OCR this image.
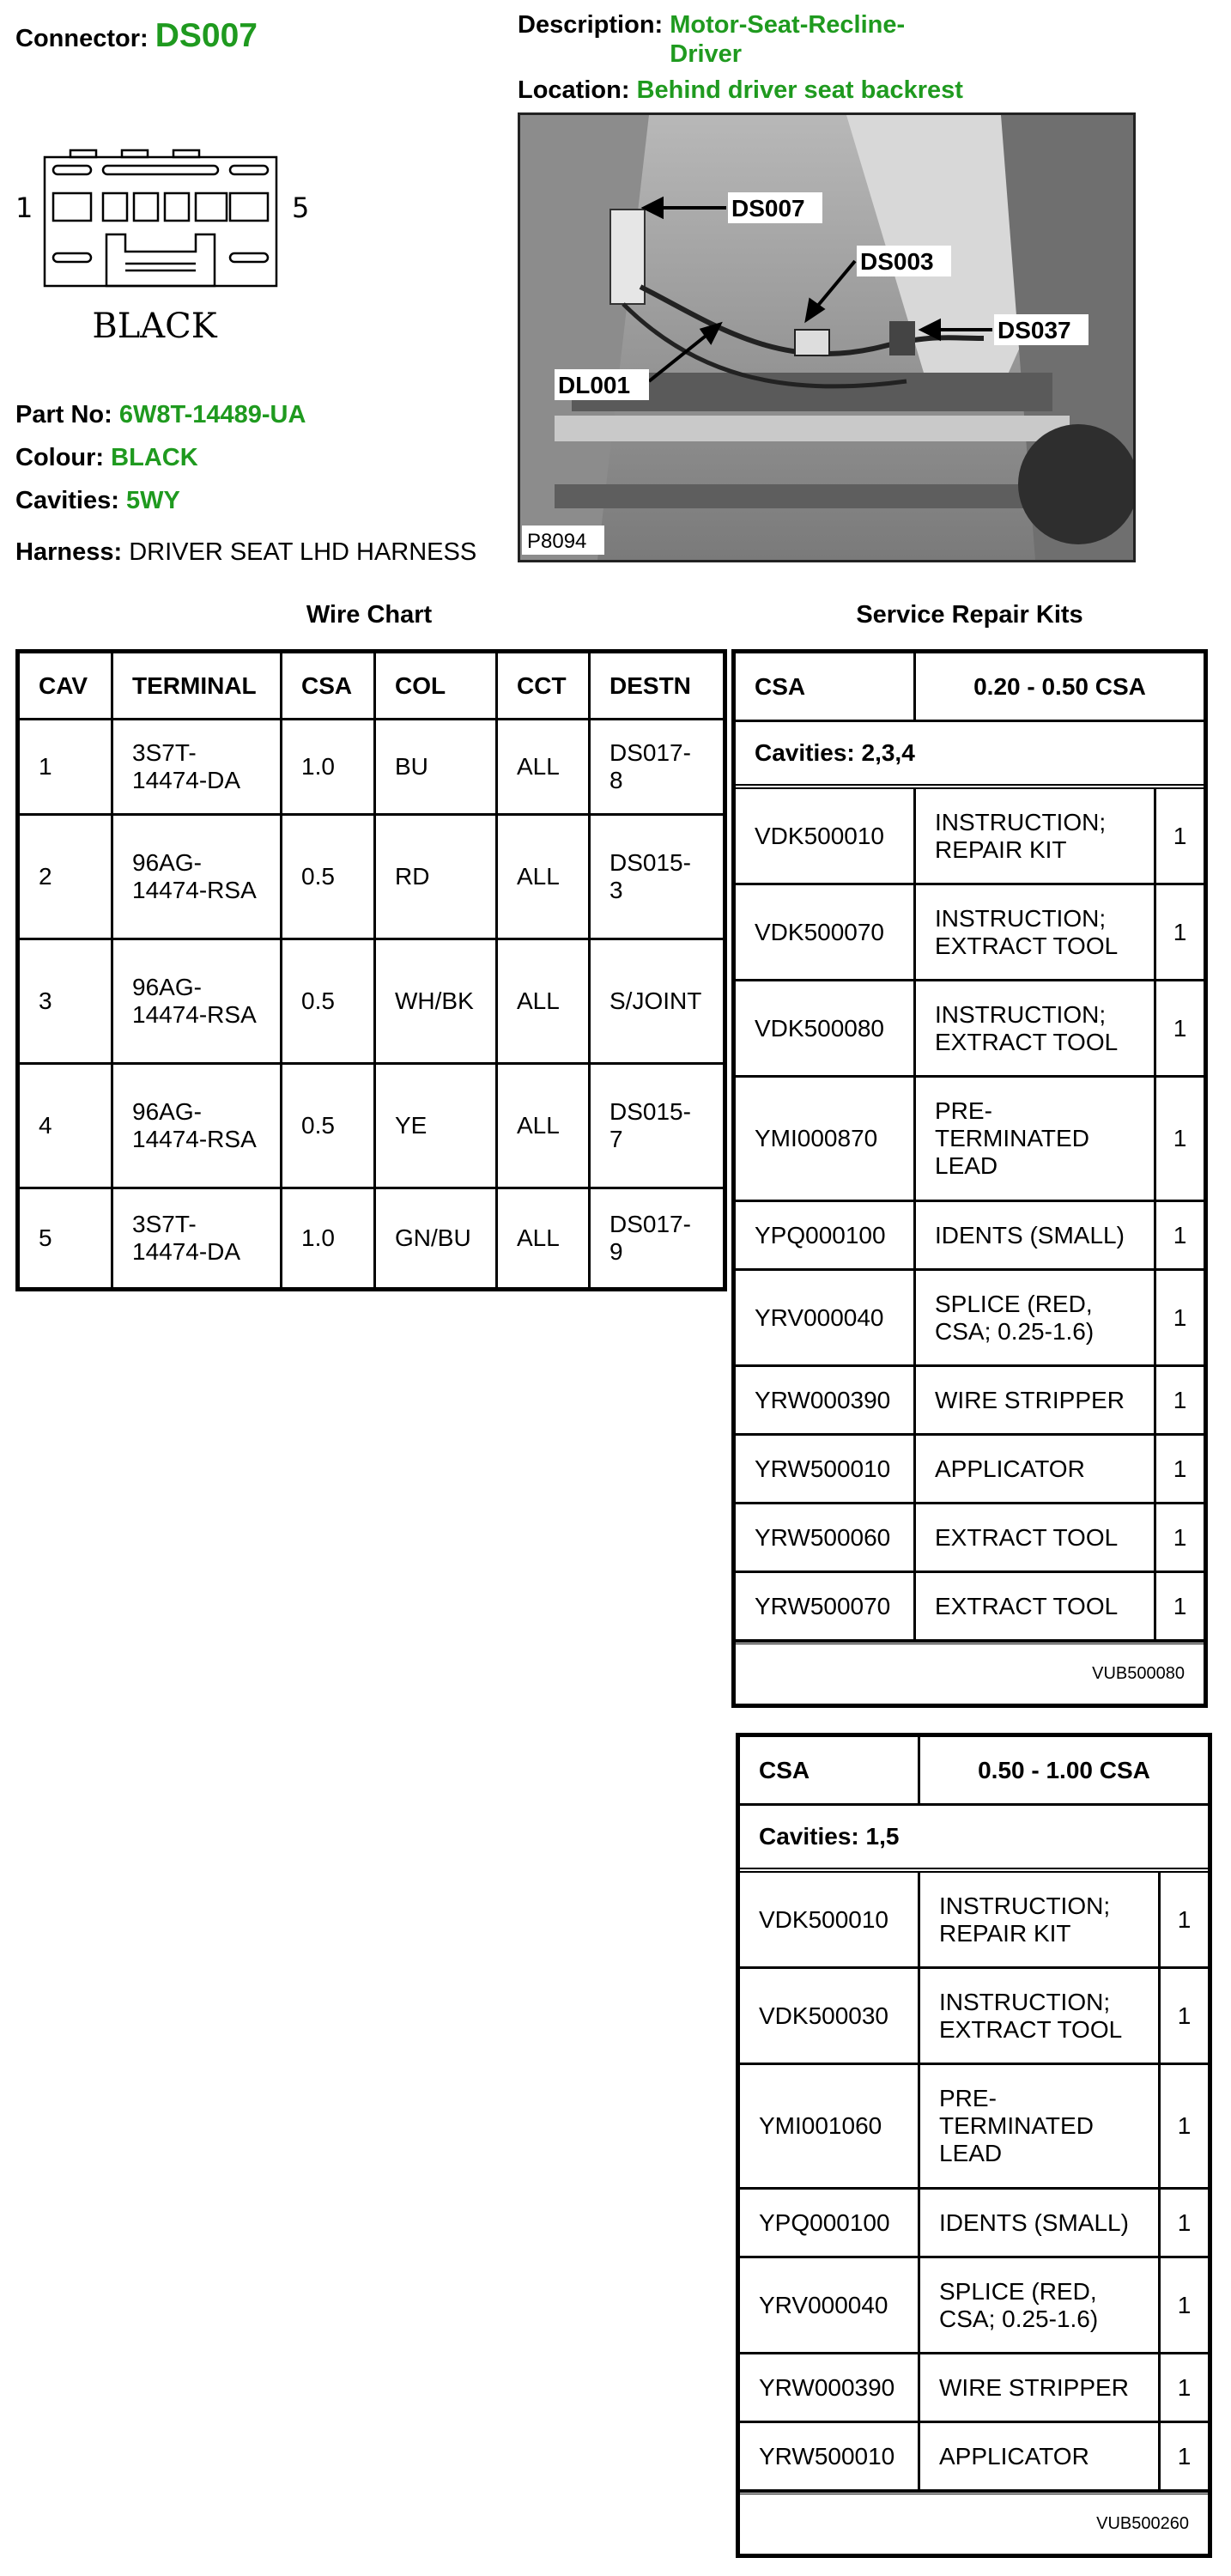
Connector: DS007	Description: Motor-Seat-Recline-Driver
Location: Behind driver seat backrest
1	5
BLACK
Part No: 6W8T-14489-UA
Colour: BLACK
Cavities: 5WY
Harness: DRIVER SEAT LHD HARNESS
DS007
DS003
DS037
DL001
P8094
Wire Chart	Service Repair Kits
CAV	TERMINAL	CSA	COL	CCT	DESTN
1	3S7T-14474-DA	1.0	BU	ALL	DS017-8
2	96AG-14474-RSA	0.5	RD	ALL	DS015-3
3	96AG-14474-RSA	0.5	WH/BK	ALL	S/JOINT
4	96AG-14474-RSA	0.5	YE	ALL	DS015-7
5	3S7T-14474-DA	1.0	GN/BU	ALL	DS017-9
CSA	0.20 - 0.50 CSA	
Cavities: 2,3,4		
VDK500010	INSTRUCTION; REPAIR KIT	1
VDK500070	INSTRUCTION; EXTRACT TOOL	1
VDK500080	INSTRUCTION; EXTRACT TOOL	1
YMI000870	PRE-TERMINATED LEAD	1
YPQ000100	IDENTS (SMALL)	1
YRV000040	SPLICE (RED, CSA; 0.25-1.6)	1
YRW000390	WIRE STRIPPER	1
YRW500010	APPLICATOR	1
YRW500060	EXTRACT TOOL	1
YRW500070	EXTRACT TOOL	1
VUB500080		
CSA	0.50 - 1.00 CSA	
Cavities: 1,5		
VDK500010	INSTRUCTION; REPAIR KIT	1
VDK500030	INSTRUCTION; EXTRACT TOOL	1
YMI001060	PRE-TERMINATED LEAD	1
YPQ000100	IDENTS (SMALL)	1
YRV000040	SPLICE (RED, CSA; 0.25-1.6)	1
YRW000390	WIRE STRIPPER	1
YRW500010	APPLICATOR	1
VUB500260		
